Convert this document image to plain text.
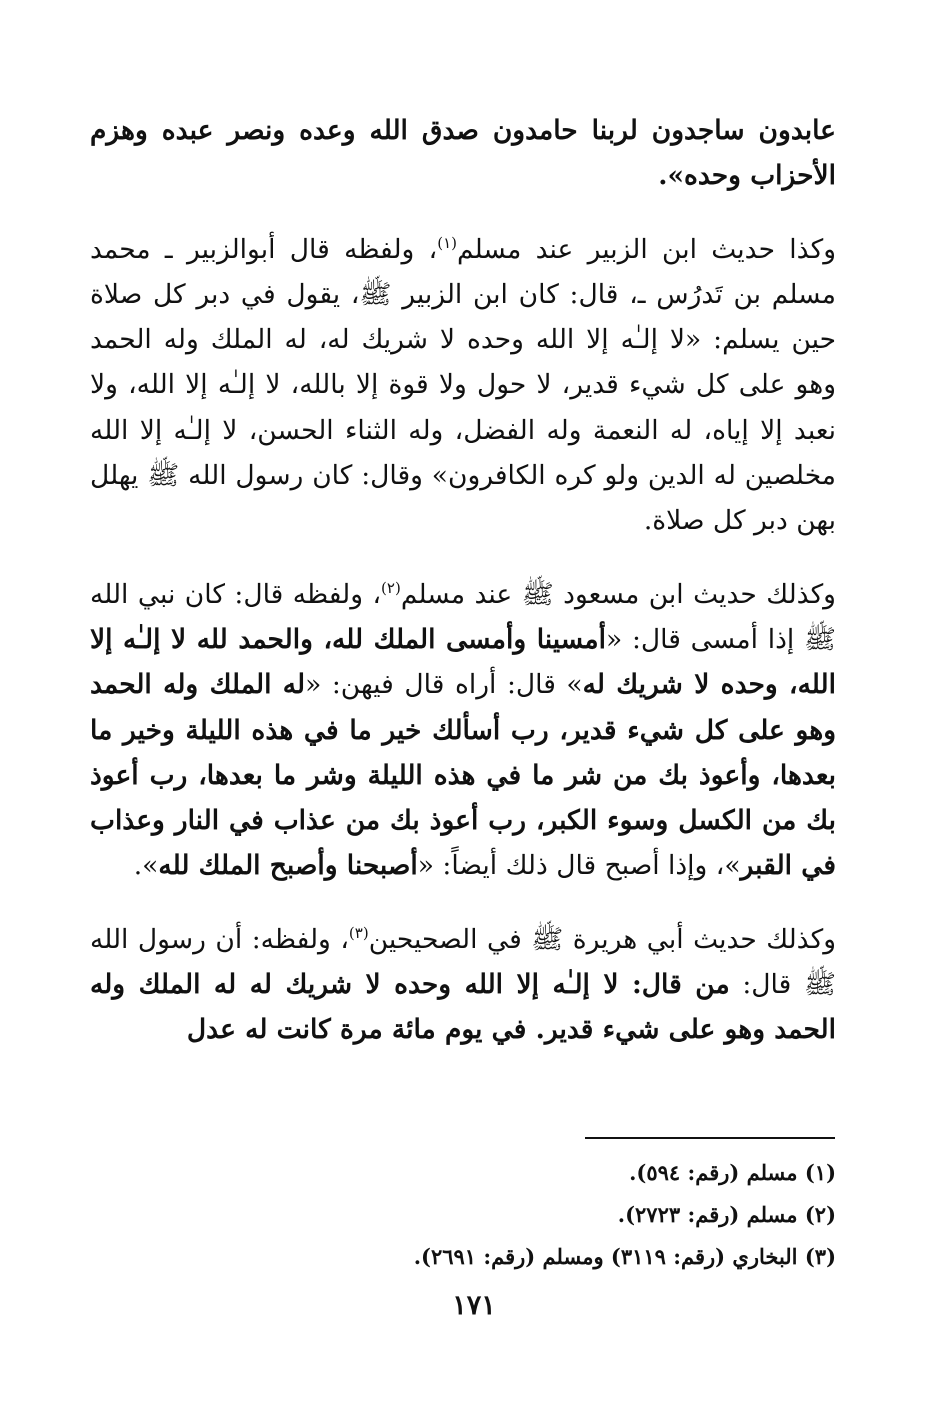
عابدون ساجدون لربنا حامدون صدق الله وعده ونصر عبده وهزم الأحزاب وحده».

وكذا حديث ابن الزبير عند مسلم$^{(١)}$، ولفظه قال أبوالزبير ـ محمد مسلم بن تَدرُس ـ، قال: كان ابن الزبير ﷺ، يقول في دبر كل صلاة حين يسلم: «لا إلـٰه إلا الله وحده لا شريك له، له الملك وله الحمد وهو على كل شيء قدير، لا حول ولا قوة إلا بالله، لا إلـٰه إلا الله، ولا نعبد إلا إياه، له النعمة وله الفضل، وله الثناء الحسن، لا إلـٰه إلا الله مخلصين له الدين ولو كره الكافرون» وقال: كان رسول الله ﷺ يهلل بهن دبر كل صلاة.

وكذلك حديث ابن مسعود ﷺ عند مسلم$^{(٢)}$، ولفظه قال: كان نبي الله ﷺ إذا أمسى قال: «أمسينا وأمسى الملك لله، والحمد لله لا إلـٰه إلا الله، وحده لا شريك له» قال: أراه قال فيهن: «له الملك وله الحمد وهو على كل شيء قدير، رب أسألك خير ما في هذه الليلة وخير ما بعدها، وأعوذ بك من شر ما في هذه الليلة وشر ما بعدها، رب أعوذ بك من الكسل وسوء الكبر، رب أعوذ بك من عذاب في النار وعذاب في القبر»، وإذا أصبح قال ذلك أيضاً: «أصبحنا وأصبح الملك لله».

وكذلك حديث أبي هريرة ﷺ في الصحيحين$^{(٣)}$، ولفظه: أن رسول الله ﷺ قال: من قال: لا إلـٰه إلا الله وحده لا شريك له له الملك وله الحمد وهو على شيء قدير. في يوم مائة مرة كانت له عدل

(١) مسلم (رقم: ٥٩٤).

(٢) مسلم (رقم: ٢٧٢٣).

(٣) البخاري (رقم: ٣١١٩) ومسلم (رقم: ٢٦٩١).

١٧١
